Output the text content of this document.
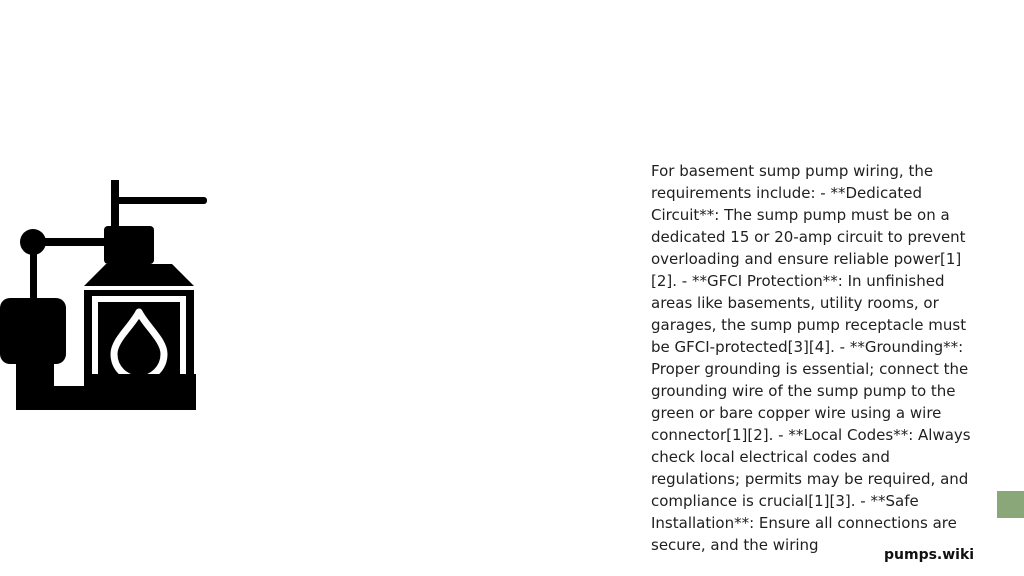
For basement sump pump wiring, the requirements include: - **Dedicated Circuit**: The sump pump must be on a dedicated 15 or 20-amp circuit to prevent overloading and ensure reliable power[1][2]. - **GFCI Protection**: In unfinished areas like basements, utility rooms, or garages, the sump pump receptacle must be GFCI-protected[3][4]. - **Grounding**: Proper grounding is essential; connect the grounding wire of the sump pump to the green or bare copper wire using a wire connector[1][2]. - **Local Codes**: Always check local electrical codes and regulations; permits may be required, and compliance is crucial[1][3]. - **Safe Installation**: Ensure all connections are secure, and the wiring

pumps.wiki
